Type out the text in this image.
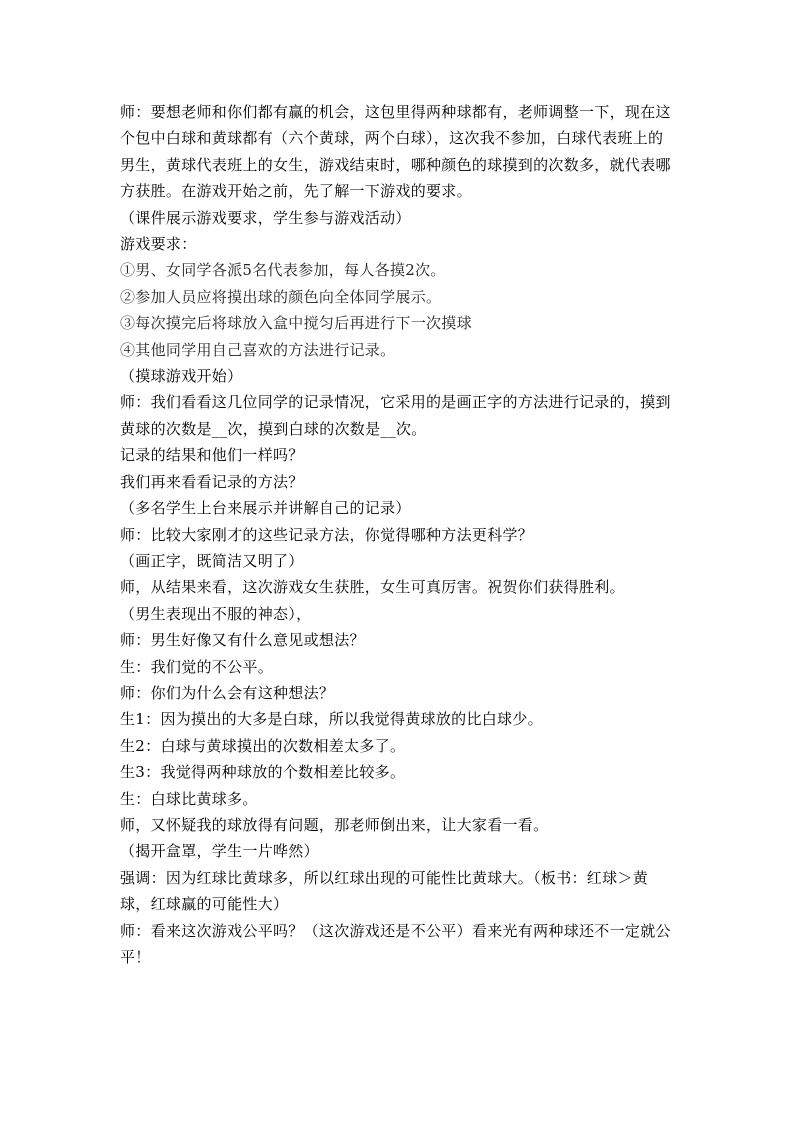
师：要想老师和你们都有赢的机会，这包里得两种球都有，老师调整一下，现在这个包中白球和黄球都有（六个黄球，两个白球），这次我不参加，白球代表班上的男生，黄球代表班上的女生，游戏结束时，哪种颜色的球摸到的次数多，就代表哪方获胜。在游戏开始之前，先了解一下游戏的要求。

（课件展示游戏要求，学生参与游戏活动）

游戏要求：

①男、女同学各派5名代表参加，每人各摸2次。

②参加人员应将摸出球的颜色向全体同学展示。

③每次摸完后将球放入盒中搅匀后再进行下一次摸球

④其他同学用自己喜欢的方法进行记录。

（摸球游戏开始）

师：我们看看这几位同学的记录情况，它采用的是画正字的方法进行记录的，摸到黄球的次数是__次，摸到白球的次数是__次。

记录的结果和他们一样吗？

我们再来看看记录的方法？

（多名学生上台来展示并讲解自己的记录）

师：比较大家刚才的这些记录方法，你觉得哪种方法更科学？

（画正字，既简洁又明了）

师，从结果来看，这次游戏女生获胜，女生可真厉害。祝贺你们获得胜利。

（男生表现出不服的神态），

师：男生好像又有什么意见或想法？

生：我们觉的不公平。

师：你们为什么会有这种想法？

生1：因为摸出的大多是白球，所以我觉得黄球放的比白球少。

生2：白球与黄球摸出的次数相差太多了。

生3：我觉得两种球放的个数相差比较多。

生：白球比黄球多。

师，又怀疑我的球放得有问题，那老师倒出来，让大家看一看。

（揭开盒罩，学生一片哗然）

强调：因为红球比黄球多，所以红球出现的可能性比黄球大。（板书：红球＞黄球，红球赢的可能性大）

师：看来这次游戏公平吗？（这次游戏还是不公平）看来光有两种球还不一定就公平！
